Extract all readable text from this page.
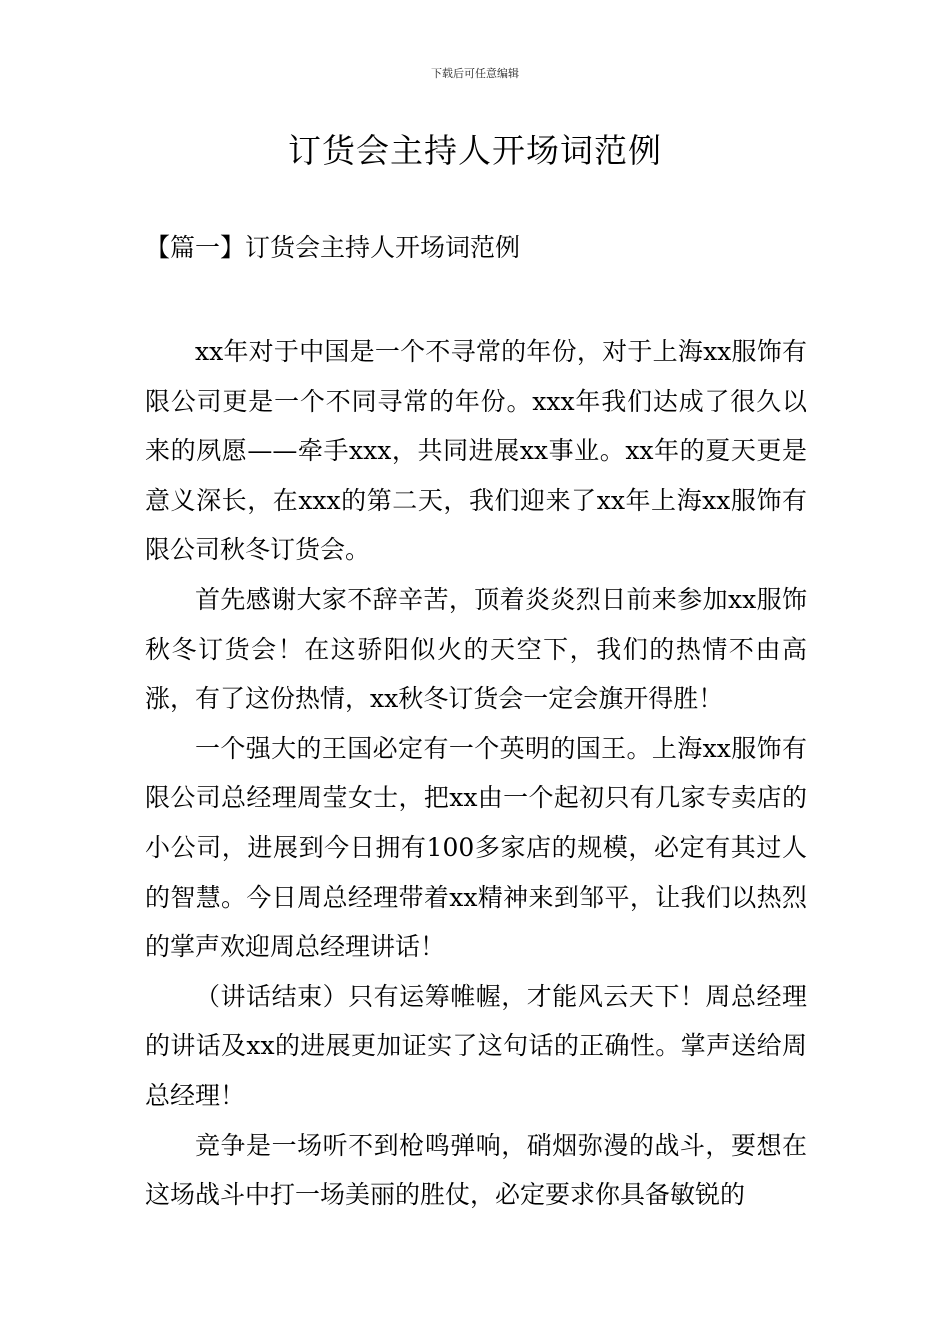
下载后可任意编辑
订货会主持人开场词范例
【篇一】订货会主持人开场词范例

xx年对于中国是一个不寻常的年份，对于上海xx服饰有限公司更是一个不同寻常的年份。xxx年我们达成了很久以来的夙愿——牵手xxx，共同进展xx事业。xx年的夏天更是意义深长，在xxx的第二天，我们迎来了xx年上海xx服饰有限公司秋冬订货会。

首先感谢大家不辞辛苦，顶着炎炎烈日前来参加xx服饰秋冬订货会！在这骄阳似火的天空下，我们的热情不由高涨，有了这份热情，xx秋冬订货会一定会旗开得胜！

一个强大的王国必定有一个英明的国王。上海xx服饰有限公司总经理周莹女士，把xx由一个起初只有几家专卖店的小公司，进展到今日拥有100多家店的规模，必定有其过人的智慧。今日周总经理带着xx精神来到邹平，让我们以热烈的掌声欢迎周总经理讲话！

（讲话结束）只有运筹帷幄，才能风云天下！周总经理的讲话及xx的进展更加证实了这句话的正确性。掌声送给周总经理！

竞争是一场听不到枪鸣弹响，硝烟弥漫的战斗，要想在这场战斗中打一场美丽的胜仗，必定要求你具备敏锐的
